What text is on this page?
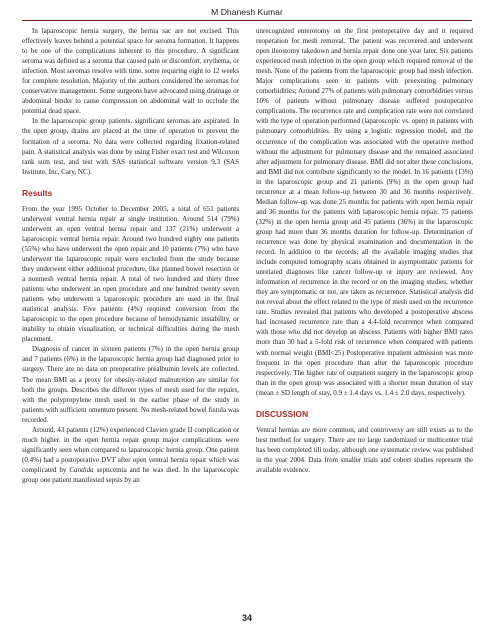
M Dhanesh Kumar

In laparoscopic hernia surgery, the hernia sac are not excised. This effectively leaves behind a potential space for seroma formation. It happens to be one of the complications inherent to this procedure. A significant seroma was defined as a seroma that caused pain or discomfort, erythema, or infection. Most seromas resolve with time, some requiring eight to 12 weeks for complete resolution. Majority of the authors considered the seromas for conservative management. Some surgeons have advocated using drainage or abdominal binder to cause compression on abdominal wall to occlude the potential dead space.

In the laparoscopic group patients, significant seromas are aspirated. In the open group, drains are placed at the time of operation to prevent the formation of a seroma. No data were collected regarding fixation-related pain. A statistical analysis was done by using Fisher exact test and Wilcoxon rank sum test, and test with SAS statistical software version 9.3 (SAS Institute, Inc, Cary, NC).

Results

From the year 1995 October to December 2005, a total of 651 patients underwent ventral hernia repair at single institution. Around 514 (79%) underwent an open ventral hernia repair and 137 (21%) underwent a laparoscopic ventral hernia repair. Around two hundred eighty one patients (55%) who have underwent the open repair and 10 patients (7%) who have underwent the laparoscopic repair were excluded from the study because they underwent either additional procedure, like planned bowel resection or a nonmesh ventral hernia repair. A total of two hundred and thirty three patients who underwent an open procedure and one hundred twenty seven patients who underwent a laparoscopic procedure are used in the final statistical analysis. Five patients (4%) required conversion from the laparoscopic to the open procedure because of hemodynamic instability, or inability to obtain visualization, or technical difficulties during the mesh placement.

Diagnosis of cancer in sixteen patients (7%) in the open hernia group and 7 patients (6%) in the laparoscopic hernia group had diagnosed prior to surgery. There are no data on preoperative prealbumin levels are collected. The mean BMI as a proxy for obesity-related malnutrition are similar for both the groups. Describes the different types of mesh used for the repairs, with the polypropylene mesh used in the earlier phase of the study in patients with sufficient omentum present. No mesh-related bowel fistula was recorded.

Around, 43 patients (12%) experienced Clavien grade II complication or much higher. in the open hernia repair group major complications were significantly seen when compared to laparoscopic hernia group. One patient (0.4%) had a postoperative DVT after open ventral hernia repair which was complicated by Candida septicemia and he was died. In the laparoscopic group one patient manifested sepsis by an

unrecognized enterotomy on the first postoperative day and it required reoperation for mesh removal. The patient was recovered and underwent open ileostomy takedown and hernia repair done one year later. Six patients experienced mesh infection in the open group which required removal of the mesh. None of the patients from the laparoscopic group had mesh infection. Major complications seen in patients with preexisting pulmonary comorbidities; Around 27% of patients with pulmonary comorbidities versus 10% of patients without pulmonary disease suffered postoperative complications. The recurrence rate and complication rate were not correlated with the type of operation performed (laparoscopic vs. open) in patients with pulmonary comorbidities. By using a logistic regression model, and the occurrence of the complication was associated with the operative method without the adjustment for pulmonary disease and the remained associated after adjustment for pulmonary disease. BMI did not alter these conclusions, and BMI did not contribute significantly to the model. In 16 patients (13%) in the laparoscopic group and 21 patients (9%) in the open group had recurrence at a mean follow-up between 30 and 36 months respectively. Median follow-up was done 25 months for patients with open hernia repair and 36 months for the patients with laparoscopic hernia repair. 75 patients (32%) in the open hernia group and 45 patients (36%) in the laparoscopic group had more than 36 months duration for follow-up. Determination of recurrence was done by physical examination and documentation in the record. In addition to the records, all the available imaging studies that include computed tomography scans obtained in asymptomatic patients for unrelated diagnoses like cancer follow-up or injury are reviewed. Any information of recurrence in the record or on the imaging studies, whether they are symptomatic or not, are taken as recurrence. Statistical analysis did not reveal about the effect related to the type of mesh used on the recurrence rate. Studies revealed that patients who developed a postoperative abscess had increased recurrence rate than a 4.4-fold recurrence when compared with those who did not develop an abscess. Patients with higher BMI rates more than 30 had a 5-fold risk of recurrence when compared with patients with normal weight (BMI<25) Postoperative inpatient admission was more frequent in the open procedure than after the laparoscopic procedure respectively. The higher rate of outpatient surgery in the laparoscopic group than in the open group was associated with a shorter mean duration of stay (mean ± SD length of stay, 0.9 ± 1.4 days vs. 1.4 ± 2.0 days, respectively).

DISCUSSION

Ventral hernias are more common, and controversy are still exists as to the best method for surgery. There are no large randomized or multicenter trial has been completed till today, although one systematic review was published in the year 2004. Data from smaller trials and cohort studies represent the available evidence.

34
